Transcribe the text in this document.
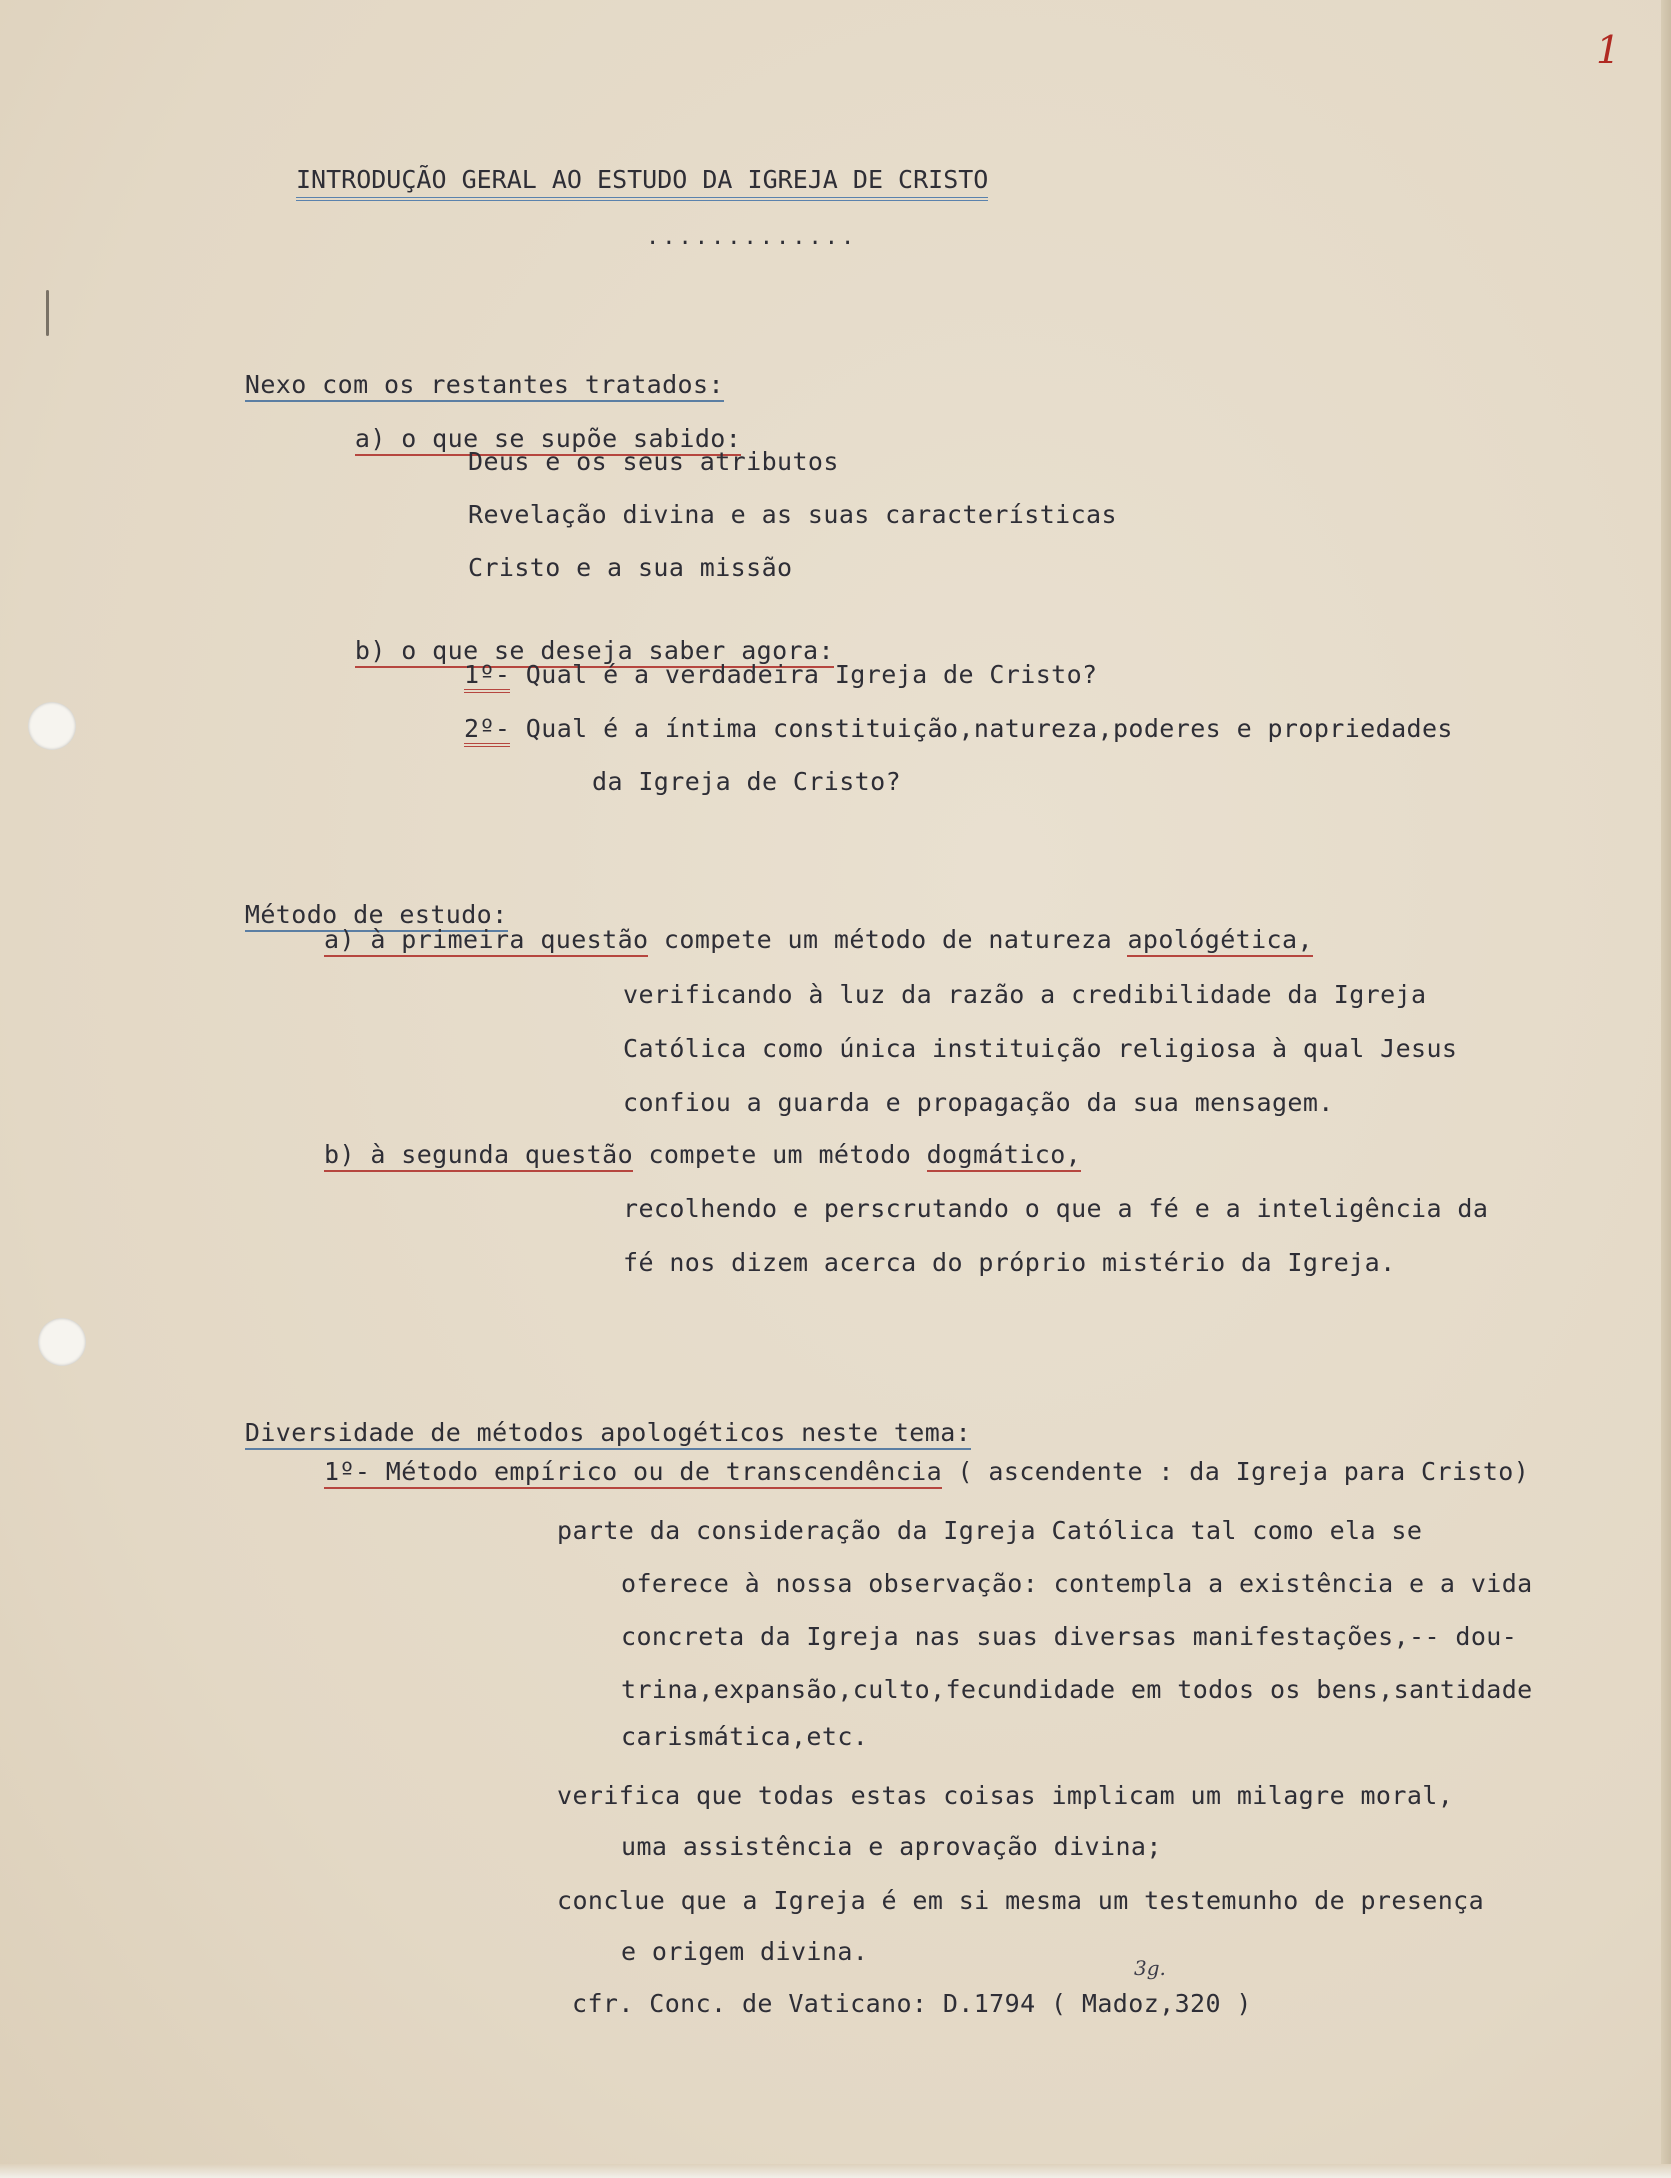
1
INTRODUÇÃO GERAL AO ESTUDO DA IGREJA DE CRISTO
.............

Nexo com os restantes tratados:

a) o que se supõe sabido:

Deus e os seus atributos
Revelação divina e as suas características
Cristo e a sua missão

b) o que se deseja saber agora:

1º- Qual é a verdadeira Igreja de Cristo?
2º- Qual é a íntima constituição,natureza,poderes e propriedades
da Igreja de Cristo?

Método de estudo:

a) à primeira questão compete um método de natureza apológética,
verificando à luz da razão a credibilidade da Igreja
Católica como única instituição religiosa à qual Jesus
confiou a guarda e propagação da sua mensagem.
b) à segunda questão compete um método dogmático,
recolhendo e perscrutando o que a fé e a inteligência da
fé nos dizem acerca do próprio mistério da Igreja.

Diversidade de métodos apologéticos neste tema:

1º- Método empírico ou de transcendência ( ascendente : da Igreja para Cristo)
parte da consideração da Igreja Católica tal como ela se
oferece à nossa observação: contempla a existência e a vida
concreta da Igreja nas suas diversas manifestações,-- dou-
trina,expansão,culto,fecundidade em todos os bens,santidade
carismática,etc.
verifica que todas estas coisas implicam um milagre moral,
uma assistência e aprovação divina;
conclue que a Igreja é em si mesma um testemunho de presença
e origem divina.
cfr. Conc. de Vaticano: D.1794 ( Madoz,320 )
3g.
